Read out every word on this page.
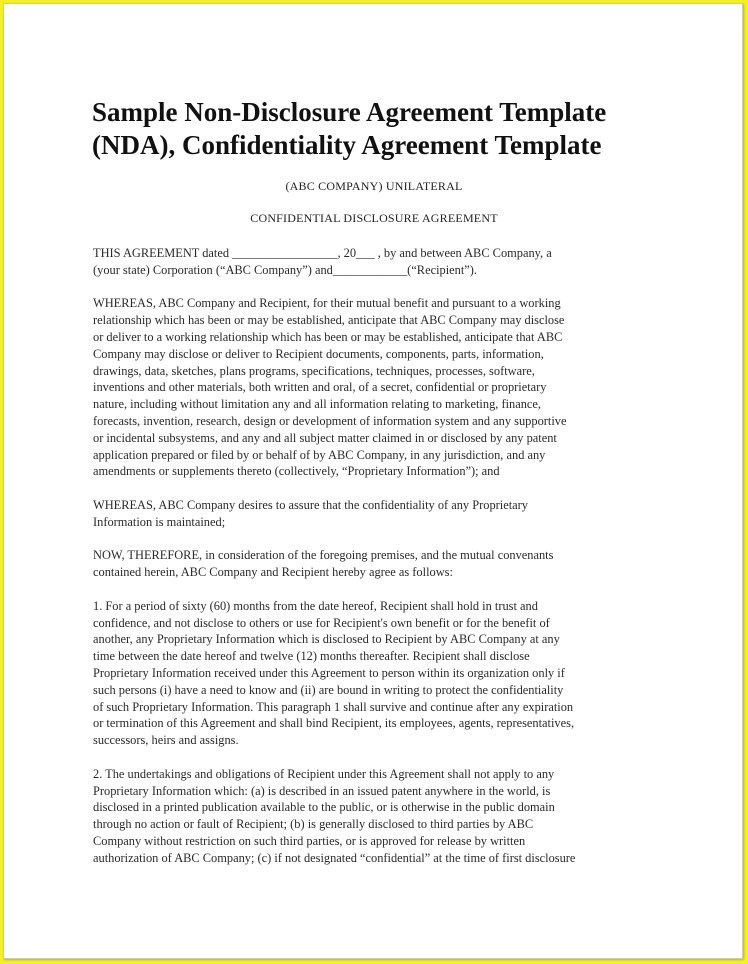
Sample Non-Disclosure Agreement Template
(NDA), Confidentiality Agreement Template

(ABC COMPANY) UNILATERAL

CONFIDENTIAL DISCLOSURE AGREEMENT

THIS AGREEMENT dated _________________, 20___ , by and between ABC Company, a
(your state) Corporation (“ABC Company”) and____________(“Recipient”).

WHEREAS, ABC Company and Recipient, for their mutual benefit and pursuant to a working
relationship which has been or may be established, anticipate that ABC Company may disclose
or deliver to a working relationship which has been or may be established, anticipate that ABC
Company may disclose or deliver to Recipient documents, components, parts, information,
drawings, data, sketches, plans programs, specifications, techniques, processes, software,
inventions and other materials, both written and oral, of a secret, confidential or proprietary
nature, including without limitation any and all information relating to marketing, finance,
forecasts, invention, research, design or development of information system and any supportive
or incidental subsystems, and any and all subject matter claimed in or disclosed by any patent
application prepared or filed by or behalf of by ABC Company, in any jurisdiction, and any
amendments or supplements thereto (collectively, “Proprietary Information”); and

WHEREAS, ABC Company desires to assure that the confidentiality of any Proprietary
Information is maintained;

NOW, THEREFORE, in consideration of the foregoing premises, and the mutual convenants
contained herein, ABC Company and Recipient hereby agree as follows:

1. For a period of sixty (60) months from the date hereof, Recipient shall hold in trust and
confidence, and not disclose to others or use for Recipient's own benefit or for the benefit of
another, any Proprietary Information which is disclosed to Recipient by ABC Company at any
time between the date hereof and twelve (12) months thereafter. Recipient shall disclose
Proprietary Information received under this Agreement to person within its organization only if
such persons (i) have a need to know and (ii) are bound in writing to protect the confidentiality
of such Proprietary Information. This paragraph 1 shall survive and continue after any expiration
or termination of this Agreement and shall bind Recipient, its employees, agents, representatives,
successors, heirs and assigns.

2. The undertakings and obligations of Recipient under this Agreement shall not apply to any
Proprietary Information which: (a) is described in an issued patent anywhere in the world, is
disclosed in a printed publication available to the public, or is otherwise in the public domain
through no action or fault of Recipient; (b) is generally disclosed to third parties by ABC
Company without restriction on such third parties, or is approved for release by written
authorization of ABC Company; (c) if not designated “confidential” at the time of first disclosure
